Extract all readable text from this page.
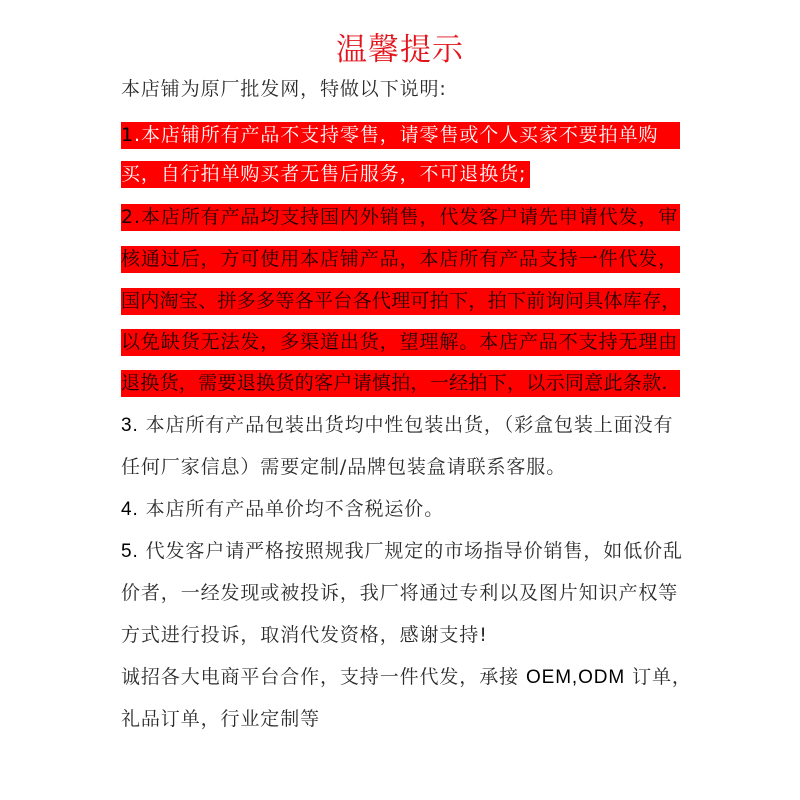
温馨提示
本店铺为原厂批发网，特做以下说明:
1.本店铺所有产品不支持零售，请零售或个人买家不要拍单购
买，自行拍单购买者无售后服务，不可退换货;
2.本店所有产品均支持国内外销售，代发客户请先申请代发，审
核通过后，方可使用本店铺产品，本店所有产品支持一件代发，
国内淘宝、拼多多等各平台各代理可拍下，拍下前询问具体库存，
以免缺货无法发，多渠道出货，望理解。本店产品不支持无理由
退换货，需要退换货的客户请慎拍，一经拍下，以示同意此条款.
3. 本店所有产品包装出货均中性包装出货，（彩盒包装上面没有
任何厂家信息）需要定制/品牌包装盒请联系客服。
4. 本店所有产品单价均不含税运价。
5. 代发客户请严格按照规我厂规定的市场指导价销售，如低价乱
价者，一经发现或被投诉，我厂将通过专利以及图片知识产权等
方式进行投诉，取消代发资格，感谢支持!
诚招各大电商平台合作，支持一件代发，承接 OEM,ODM 订单，
礼品订单，行业定制等
